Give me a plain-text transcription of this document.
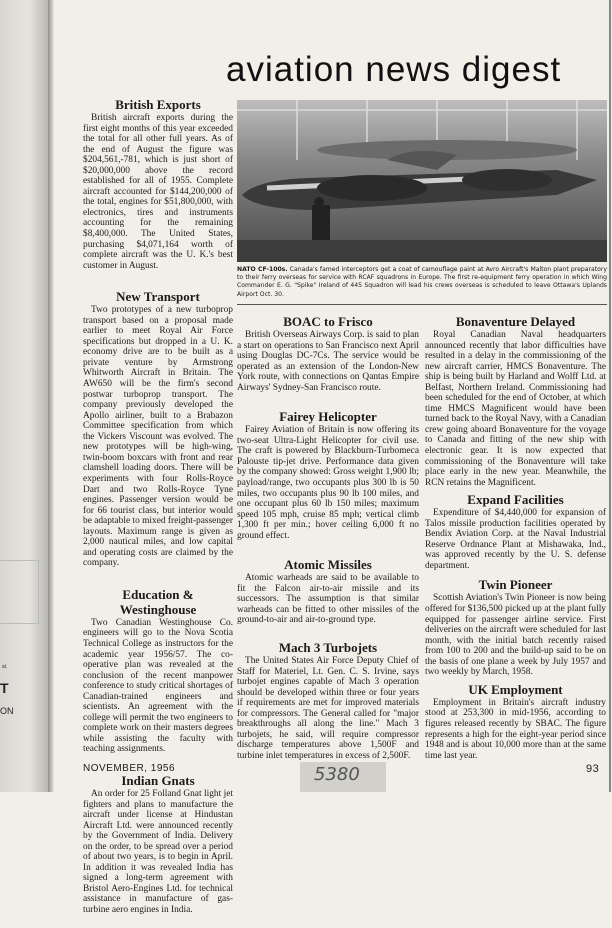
st.
T
ON
aviation news digest
NATO CF-100s. Canada's famed interceptors get a coat of camouflage paint at Avro Aircraft's Malton plant preparatory to their ferry overseas for service with RCAF squadrons in Europe. The first re-equipment ferry operation in which Wing Commander E. G. "Spike" Ireland of 445 Squadron will lead his crews overseas is scheduled to leave Ottawa's Uplands Airport Oct. 30.
British Exports

British aircraft exports during the first eight months of this year exceeded the total for all other full years. As of the end of August the figure was $204,561,-781, which is just short of $20,000,000 above the record established for all of 1955. Complete aircraft accounted for $144,200,000 of the total, engines for $51,800,000, with electronics, tires and instruments accounting for the remaining $8,400,000. The United States, purchasing $4,071,164 worth of complete aircraft was the U. K.'s best customer in August.

New Transport

Two prototypes of a new turboprop transport based on a proposal made earlier to meet Royal Air Force specifications but dropped in a U. K. economy drive are to be built as a private venture by Armstrong Whitworth Aircraft in Britain. The AW650 will be the firm's second postwar turboprop transport. The company previously developed the Apollo airliner, built to a Brabazon Committee specification from which the Vickers Viscount was evolved. The new prototypes will be high-wing, twin-boom boxcars with front and rear clamshell loading doors. There will be experiments with four Rolls-Royce Dart and two Rolls-Royce Tyne engines. Passenger version would be for 66 tourist class, but interior would be adaptable to mixed freight-passenger layouts. Maximum range is given as 2,000 nautical miles, and low capital and operating costs are claimed by the company.

Education & Westinghouse

Two Canadian Westinghouse Co. engineers will go to the Nova Scotia Technical College as instructors for the academic year 1956/57. The co-operative plan was revealed at the conclusion of the recent manpower conference to study critical shortages of Canadian-trained engineers and scientists. An agreement with the college will permit the two engineers to complete work on their masters degrees while assisting the faculty with teaching assignments.

Indian Gnats

An order for 25 Folland Gnat light jet fighters and plans to manufacture the aircraft under license at Hindustan Aircraft Ltd. were announced recently by the Government of India. Delivery on the order, to be spread over a period of about two years, is to begin in April. In addition it was revealed India has signed a long-term agreement with Bristol Aero-Engines Ltd. for technical assistance in manufacture of gas-turbine aero engines in India.

BOAC to Frisco

British Overseas Airways Corp. is said to plan a start on operations to San Francisco next April using Douglas DC-7Cs. The service would be operated as an extension of the London-New York route, with connections on Qantas Empire Airways' Sydney-San Francisco route.

Fairey Helicopter

Fairey Aviation of Britain is now offering its two-seat Ultra-Light Helicopter for civil use. The craft is powered by Blackburn-Turbomeca Palouste tip-jet drive. Performance data given by the company showed: Gross weight 1,900 lb; payload/range, two occupants plus 300 lb is 50 miles, two occupants plus 90 lb 100 miles, and one occupant plus 60 lb 150 miles; maximum speed 105 mph, cruise 85 mph; vertical climb 1,300 ft per min.; hover ceiling 6,000 ft no ground effect.

Atomic Missiles

Atomic warheads are said to be available to fit the Falcon air-to-air missile and its successors. The assumption is that similar warheads can be fitted to other missiles of the ground-to-air and air-to-ground type.

Mach 3 Turbojets

The United States Air Force Deputy Chief of Staff for Materiel, Lt. Gen. C. S. Irvine, says turbojet engines capable of Mach 3 operation should be developed within three or four years if requirements are met for improved materials for compressors. The General called for "major breakthroughs all along the line." Mach 3 turbojets, he said, will require compressor discharge temperatures above 1,500F and turbine inlet temperatures in excess of 2,500F.

Bonaventure Delayed

Royal Canadian Naval headquarters announced recently that labor difficulties have resulted in a delay in the commissioning of the new aircraft carrier, HMCS Bonaventure. The ship is being built by Harland and Wolff Ltd. at Belfast, Northern Ireland. Commissioning had been scheduled for the end of October, at which time HMCS Magnificent would have been turned back to the Royal Navy, with a Canadian crew going aboard Bonaventure for the voyage to Canada and fitting of the new ship with electronic gear. It is now expected that commissioning of the Bonaventure will take place early in the new year. Meanwhile, the RCN retains the Magnificent.

Expand Facilities

Expenditure of $4,440,000 for expansion of Talos missile production facilities operated by Bendix Aviation Corp. at the Naval Industrial Reserve Ordnance Plant at Mishawaka, Ind., was approved recently by the U. S. defense department.

Twin Pioneer

Scottish Aviation's Twin Pioneer is now being offered for $136,500 picked up at the plant fully equipped for passenger airline service. First deliveries on the aircraft were scheduled for last month, with the initial batch recently raised from 100 to 200 and the build-up said to be on the basis of one plane a week by July 1957 and two weekly by March, 1958.

UK Employment

Employment in Britain's aircraft industry stood at 253,300 in mid-1956, according to figures released recently by SBAC. The figure represents a high for the eight-year period since 1948 and is about 10,000 more than at the same time last year.

NOVEMBER, 1956	93
5380
